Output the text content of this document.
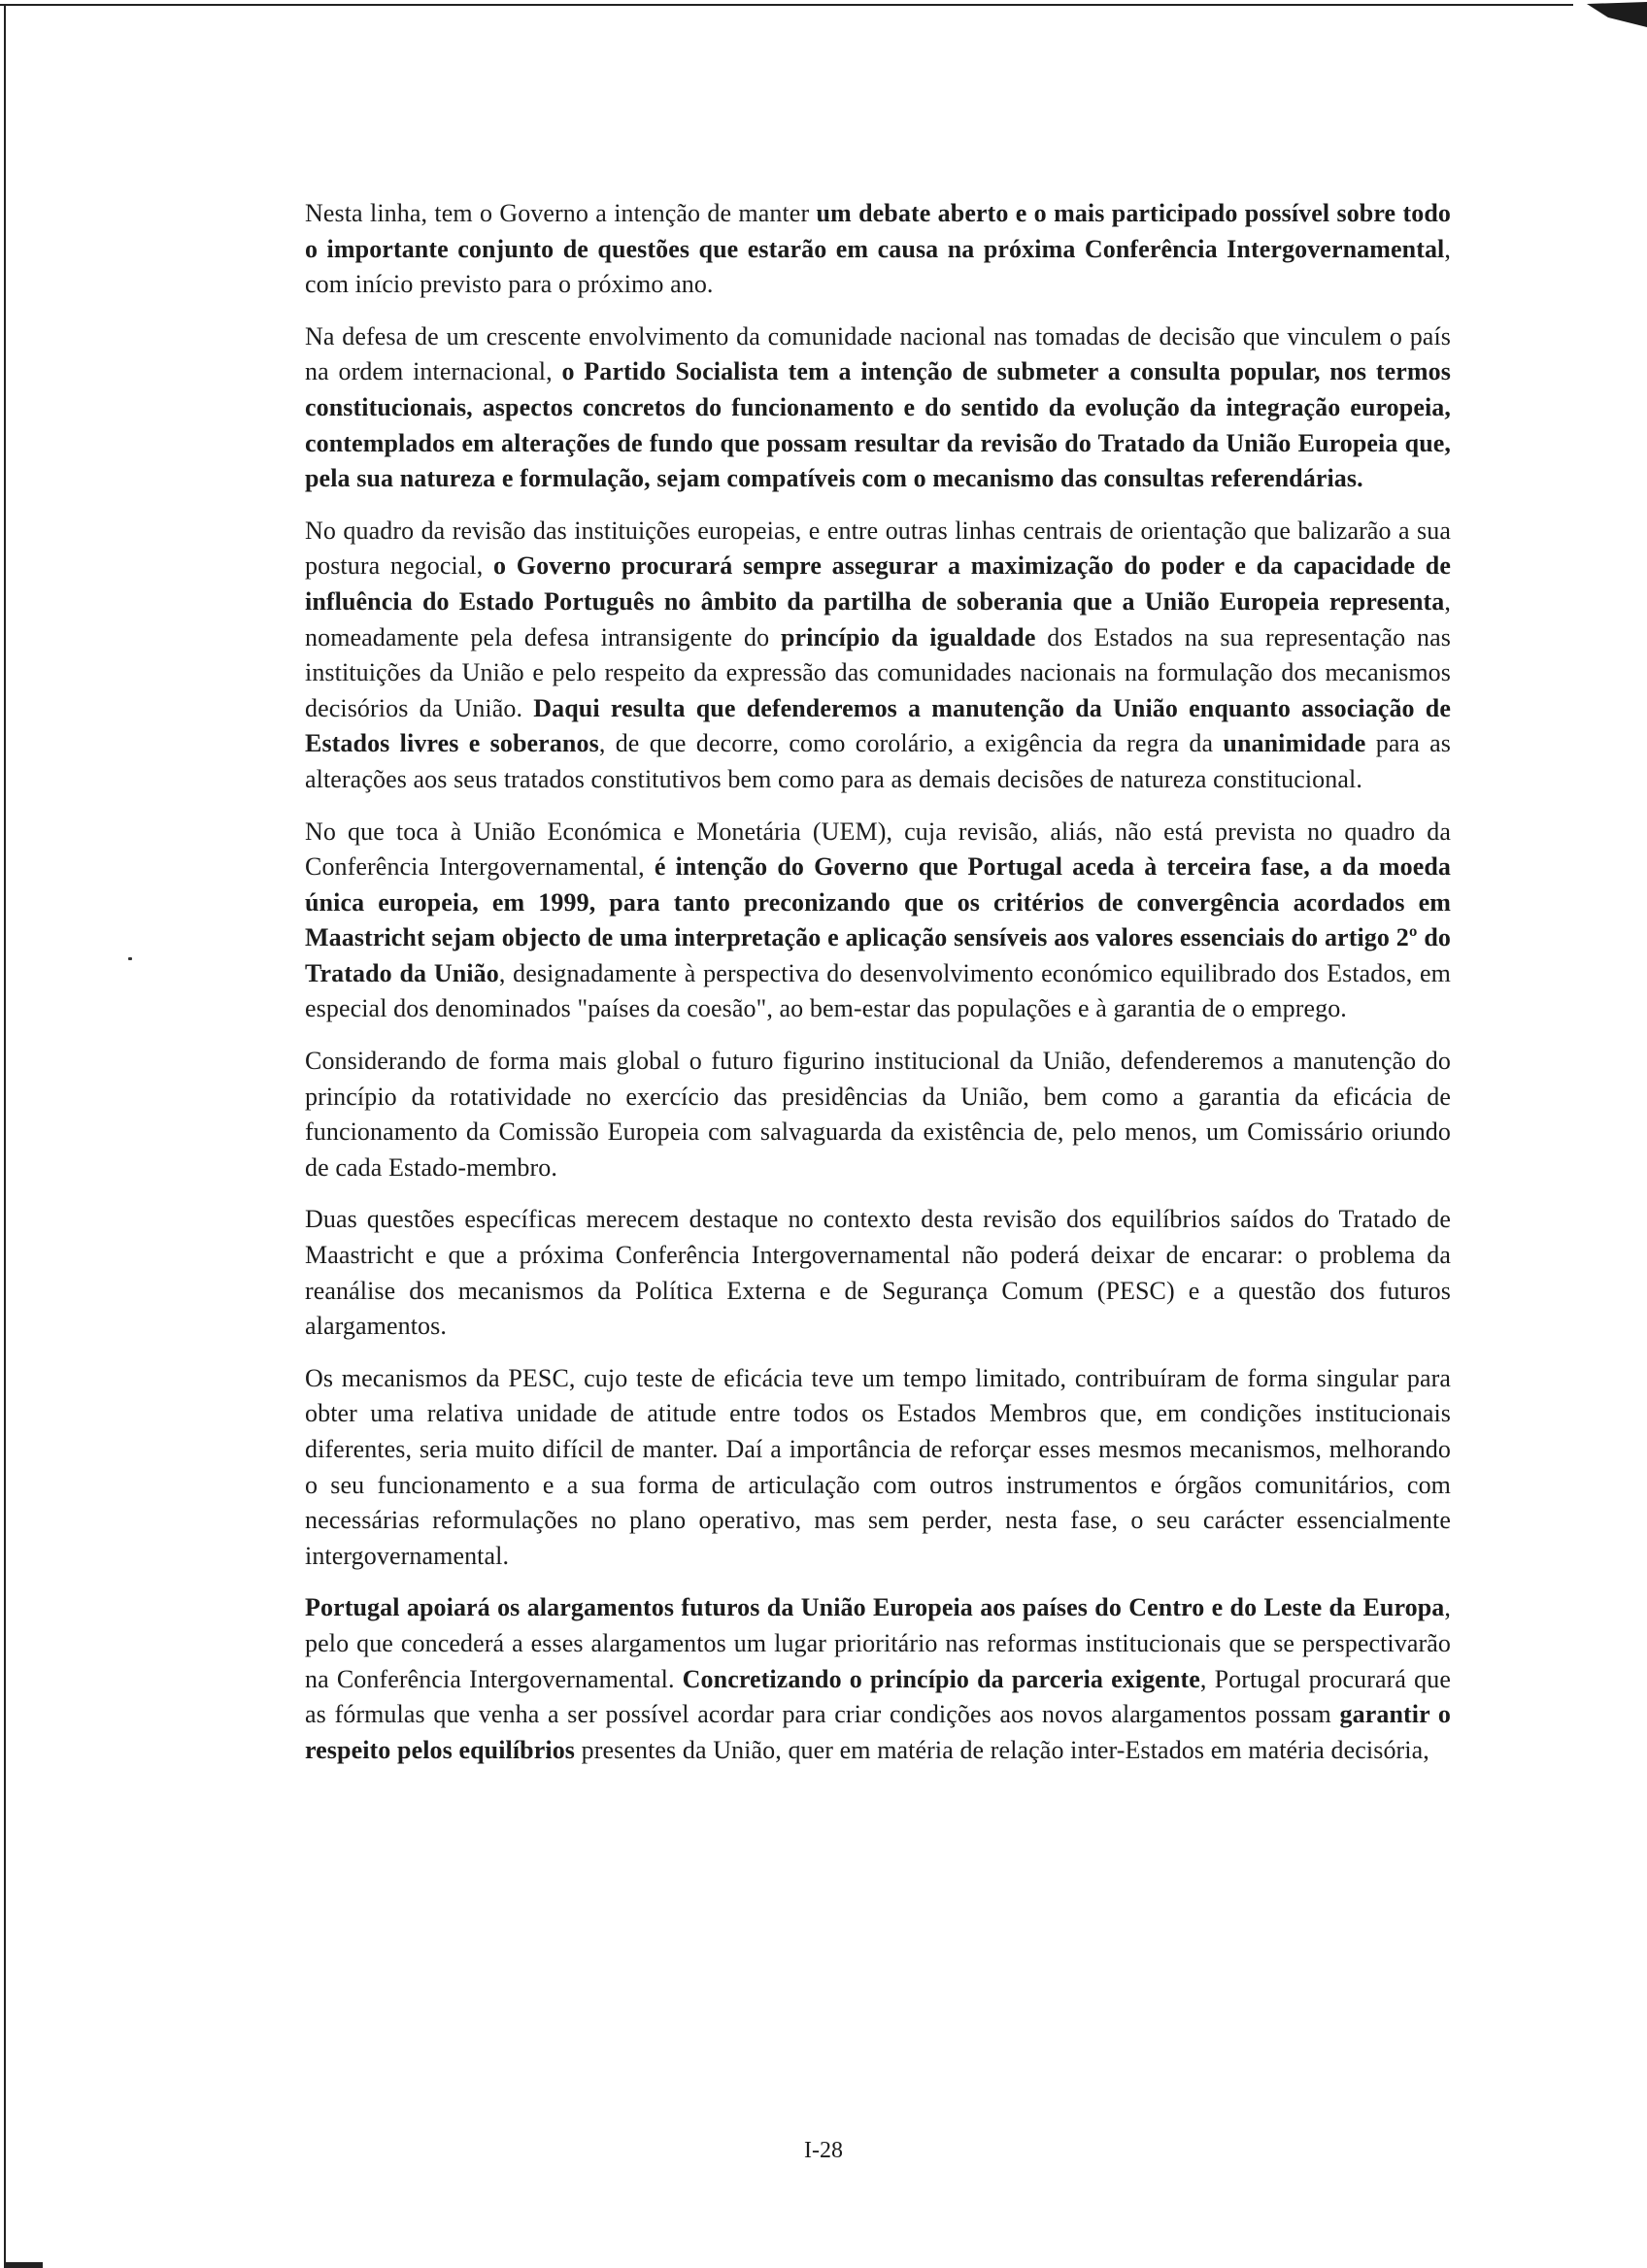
Nesta linha, tem o Governo a intenção de manter um debate aberto e o mais participado possível sobre todo o importante conjunto de questões que estarão em causa na próxima Conferência Intergovernamental, com início previsto para o próximo ano.

Na defesa de um crescente envolvimento da comunidade nacional nas tomadas de decisão que vinculem o país na ordem internacional, o Partido Socialista tem a intenção de submeter a consulta popular, nos termos constitucionais, aspectos concretos do funcionamento e do sentido da evolução da integração europeia, contemplados em alterações de fundo que possam resultar da revisão do Tratado da União Europeia que, pela sua natureza e formulação, sejam compatíveis com o mecanismo das consultas referendárias.

No quadro da revisão das instituições europeias, e entre outras linhas centrais de orientação que balizarão a sua postura negocial, o Governo procurará sempre assegurar a maximização do poder e da capacidade de influência do Estado Português no âmbito da partilha de soberania que a União Europeia representa, nomeadamente pela defesa intransigente do princípio da igualdade dos Estados na sua representação nas instituições da União e pelo respeito da expressão das comunidades nacionais na formulação dos mecanismos decisórios da União. Daqui resulta que defenderemos a manutenção da União enquanto associação de Estados livres e soberanos, de que decorre, como corolário, a exigência da regra da unanimidade para as alterações aos seus tratados constitutivos bem como para as demais decisões de natureza constitucional.

No que toca à União Económica e Monetária (UEM), cuja revisão, aliás, não está prevista no quadro da Conferência Intergovernamental, é intenção do Governo que Portugal aceda à terceira fase, a da moeda única europeia, em 1999, para tanto preconizando que os critérios de convergência acordados em Maastricht sejam objecto de uma interpretação e aplicação sensíveis aos valores essenciais do artigo 2º do Tratado da União, designadamente à perspectiva do desenvolvimento económico equilibrado dos Estados, em especial dos denominados "países da coesão", ao bem-estar das populações e à garantia de o emprego.

Considerando de forma mais global o futuro figurino institucional da União, defenderemos a manutenção do princípio da rotatividade no exercício das presidências da União, bem como a garantia da eficácia de funcionamento da Comissão Europeia com salvaguarda da existência de, pelo menos, um Comissário oriundo de cada Estado-membro.

Duas questões específicas merecem destaque no contexto desta revisão dos equilíbrios saídos do Tratado de Maastricht e que a próxima Conferência Intergovernamental não poderá deixar de encarar: o problema da reanálise dos mecanismos da Política Externa e de Segurança Comum (PESC) e a questão dos futuros alargamentos.

Os mecanismos da PESC, cujo teste de eficácia teve um tempo limitado, contribuíram de forma singular para obter uma relativa unidade de atitude entre todos os Estados Membros que, em condições institucionais diferentes, seria muito difícil de manter. Daí a importância de reforçar esses mesmos mecanismos, melhorando o seu funcionamento e a sua forma de articulação com outros instrumentos e órgãos comunitários, com necessárias reformulações no plano operativo, mas sem perder, nesta fase, o seu carácter essencialmente intergovernamental.

Portugal apoiará os alargamentos futuros da União Europeia aos países do Centro e do Leste da Europa, pelo que concederá a esses alargamentos um lugar prioritário nas reformas institucionais que se perspectivarão na Conferência Intergovernamental. Concretizando o princípio da parceria exigente, Portugal procurará que as fórmulas que venha a ser possível acordar para criar condições aos novos alargamentos possam garantir o respeito pelos equilíbrios presentes da União, quer em matéria de relação inter-Estados em matéria decisória,

I-28
